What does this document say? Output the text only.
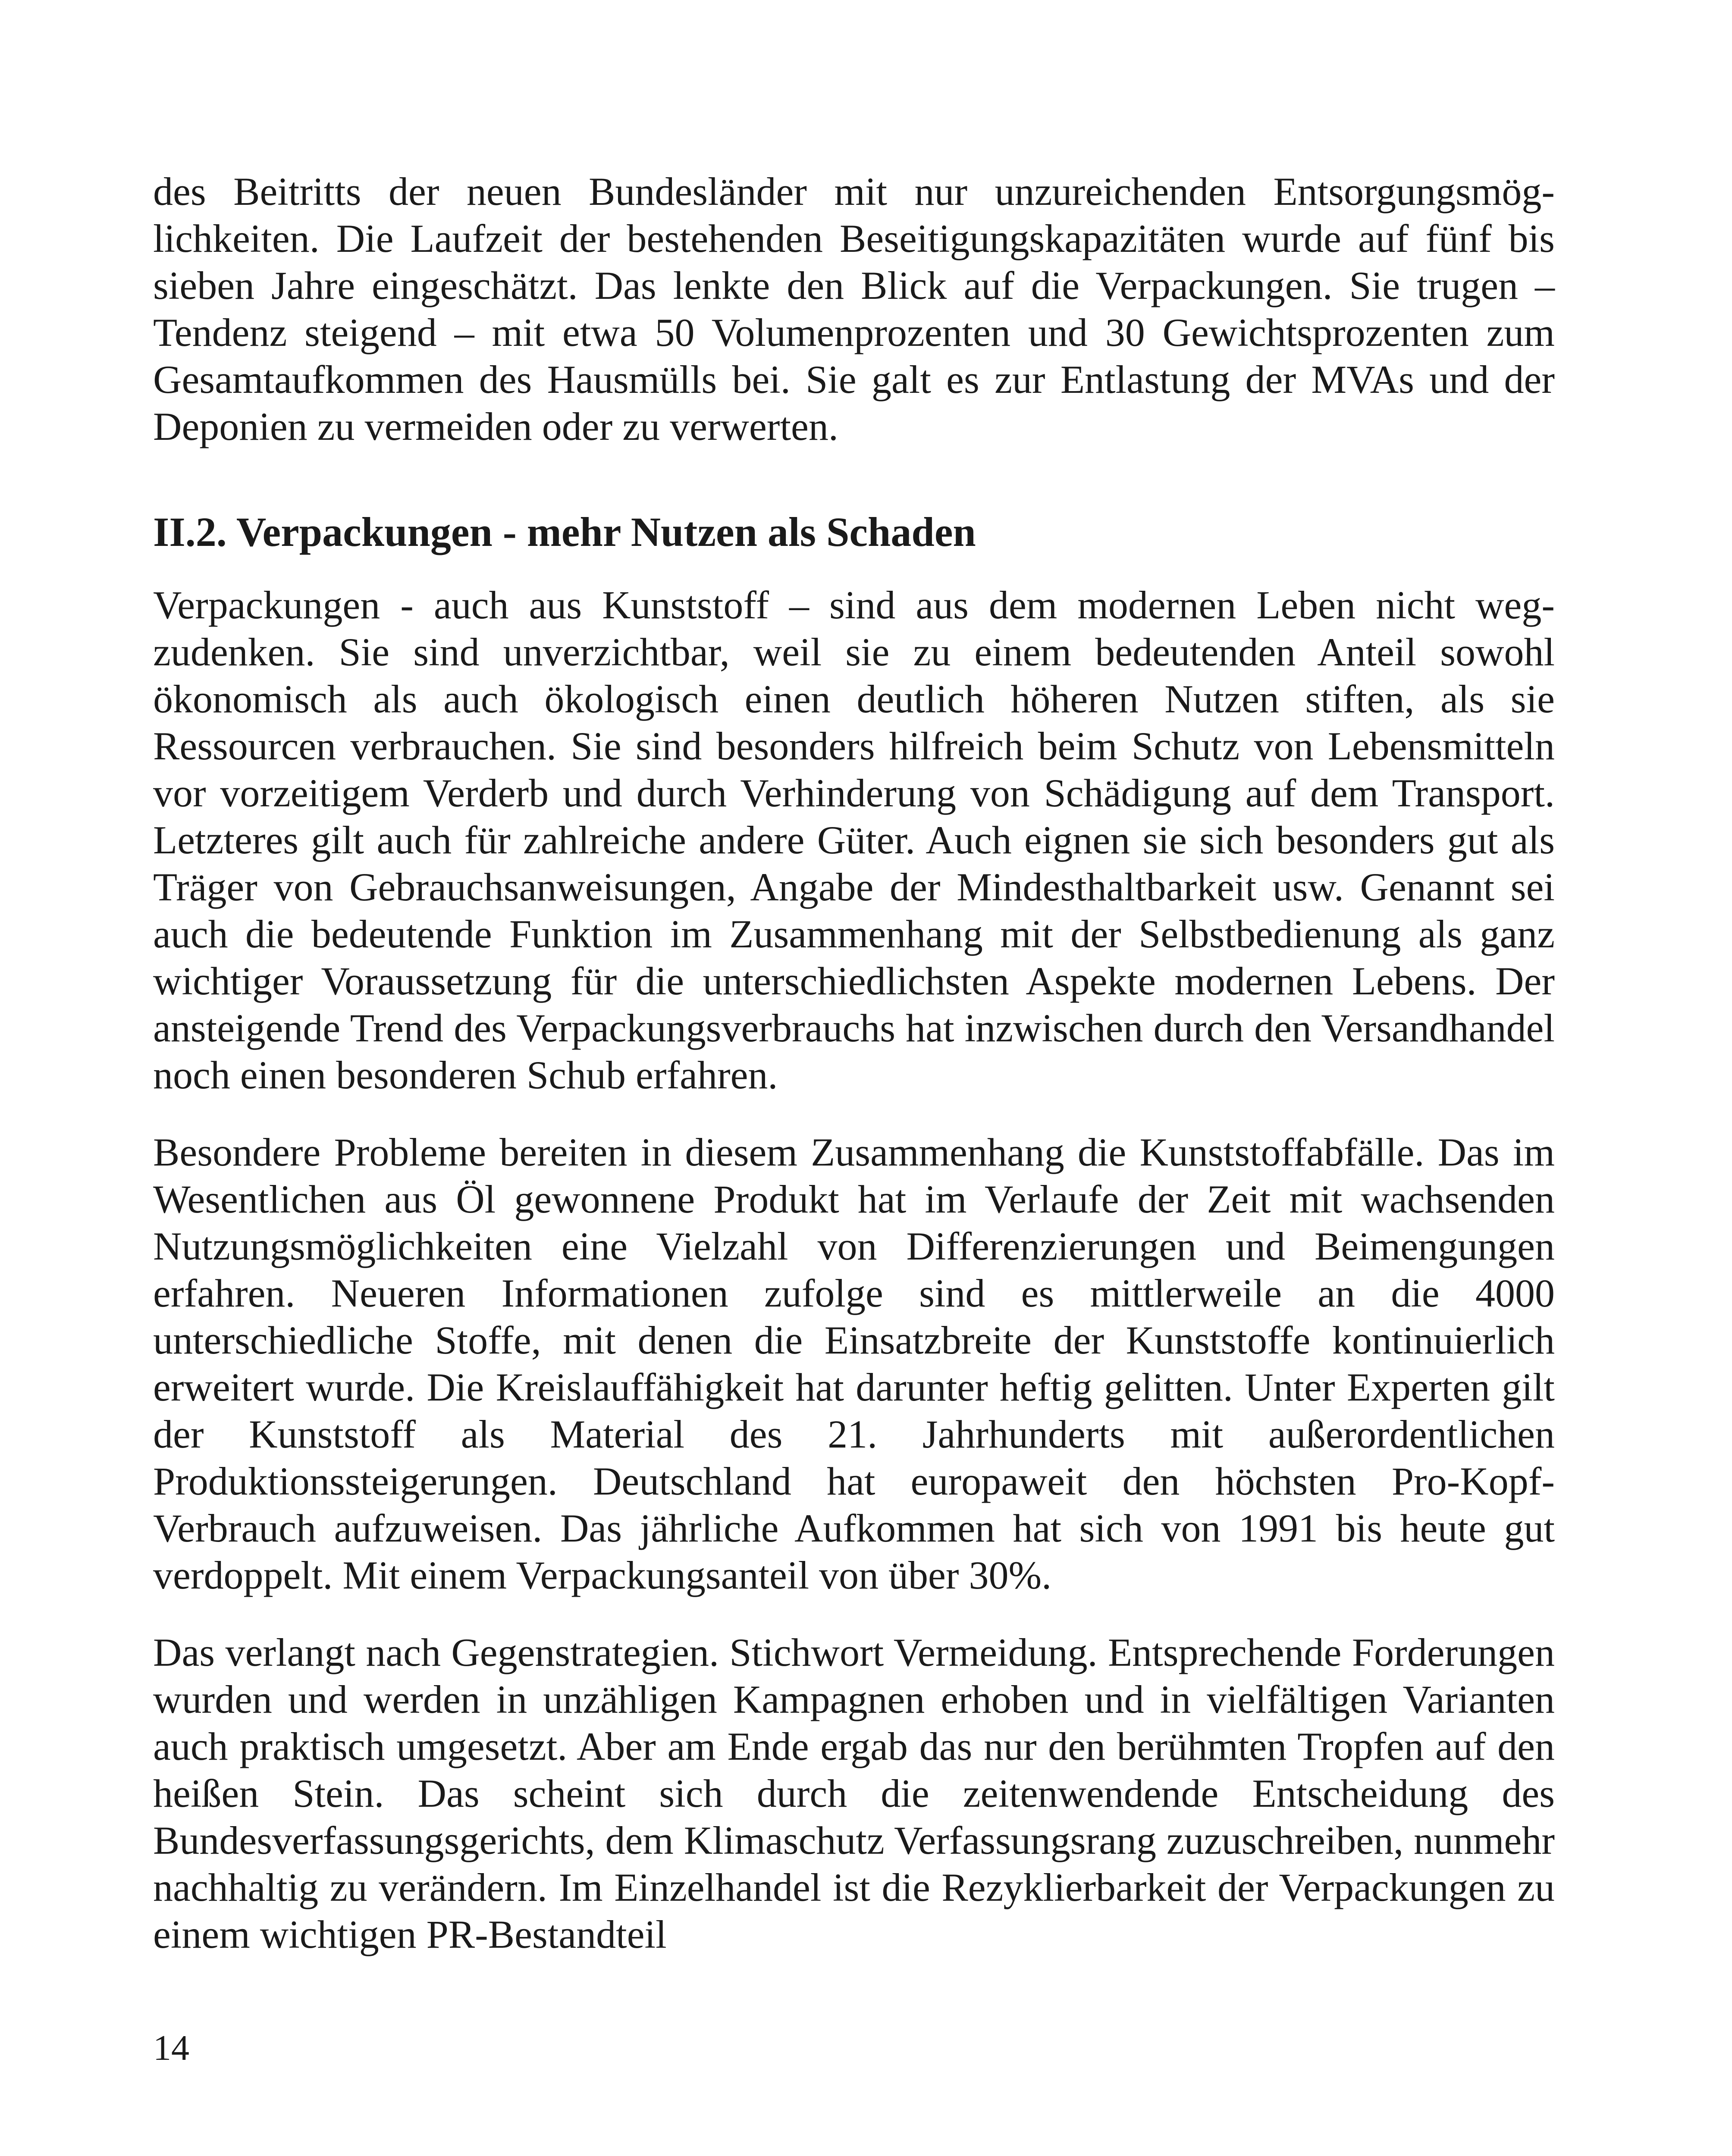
des Beitritts der neuen Bundesländer mit nur unzureichenden Entsorgungsmöglichkeiten. Die Laufzeit der bestehenden Beseitigungskapazitäten wurde auf fünf bis sieben Jahre eingeschätzt. Das lenkte den Blick auf die Verpackungen. Sie trugen – Tendenz steigend – mit etwa 50 Volumenprozenten und 30 Gewichtsprozenten zum Gesamtaufkommen des Hausmülls bei. Sie galt es zur Entlastung der MVAs und der Deponien zu vermeiden oder zu verwerten.

II.2. Verpackungen - mehr Nutzen als Schaden

Verpackungen - auch aus Kunststoff – sind aus dem modernen Leben nicht wegzudenken. Sie sind unverzichtbar, weil sie zu einem bedeutenden Anteil sowohl ökonomisch als auch ökologisch einen deutlich höheren Nutzen stiften, als sie Ressourcen verbrauchen. Sie sind besonders hilfreich beim Schutz von Lebensmitteln vor vorzeitigem Verderb und durch Verhinderung von Schädigung auf dem Transport. Letzteres gilt auch für zahlreiche andere Güter. Auch eignen sie sich besonders gut als Träger von Gebrauchsanweisungen, Angabe der Mindesthaltbarkeit usw. Genannt sei auch die bedeutende Funktion im Zusammenhang mit der Selbstbedienung als ganz wichtiger Voraussetzung für die unterschiedlichsten Aspekte modernen Lebens. Der ansteigende Trend des Verpackungsverbrauchs hat inzwischen durch den Versandhandel noch einen besonderen Schub erfahren.

Besondere Probleme bereiten in diesem Zusammenhang die Kunststoffabfälle. Das im Wesentlichen aus Öl gewonnene Produkt hat im Verlaufe der Zeit mit wachsenden Nutzungsmöglichkeiten eine Vielzahl von Differenzierungen und Beimengungen erfahren. Neueren Informationen zufolge sind es mittlerweile an die 4000 unterschiedliche Stoffe, mit denen die Einsatzbreite der Kunststoffe kontinuierlich erweitert wurde. Die Kreislauffähigkeit hat darunter heftig gelitten. Unter Experten gilt der Kunststoff als Material des 21. Jahrhunderts mit außerordentlichen Produktionssteigerungen. Deutschland hat europaweit den höchsten Pro-Kopf-Verbrauch aufzuweisen. Das jährliche Aufkommen hat sich von 1991 bis heute gut verdoppelt. Mit einem Verpackungsanteil von über 30%.

Das verlangt nach Gegenstrategien. Stichwort Vermeidung. Entsprechende Forderungen wurden und werden in unzähligen Kampagnen erhoben und in vielfältigen Varianten auch praktisch umgesetzt. Aber am Ende ergab das nur den berühmten Tropfen auf den heißen Stein. Das scheint sich durch die zeitenwendende Entscheidung des Bundesverfassungsgerichts, dem Klimaschutz Verfassungsrang zuzuschreiben, nunmehr nachhaltig zu verändern. Im Einzelhandel ist die Rezyklierbarkeit der Verpackungen zu einem wichtigen PR-Bestandteil

14
